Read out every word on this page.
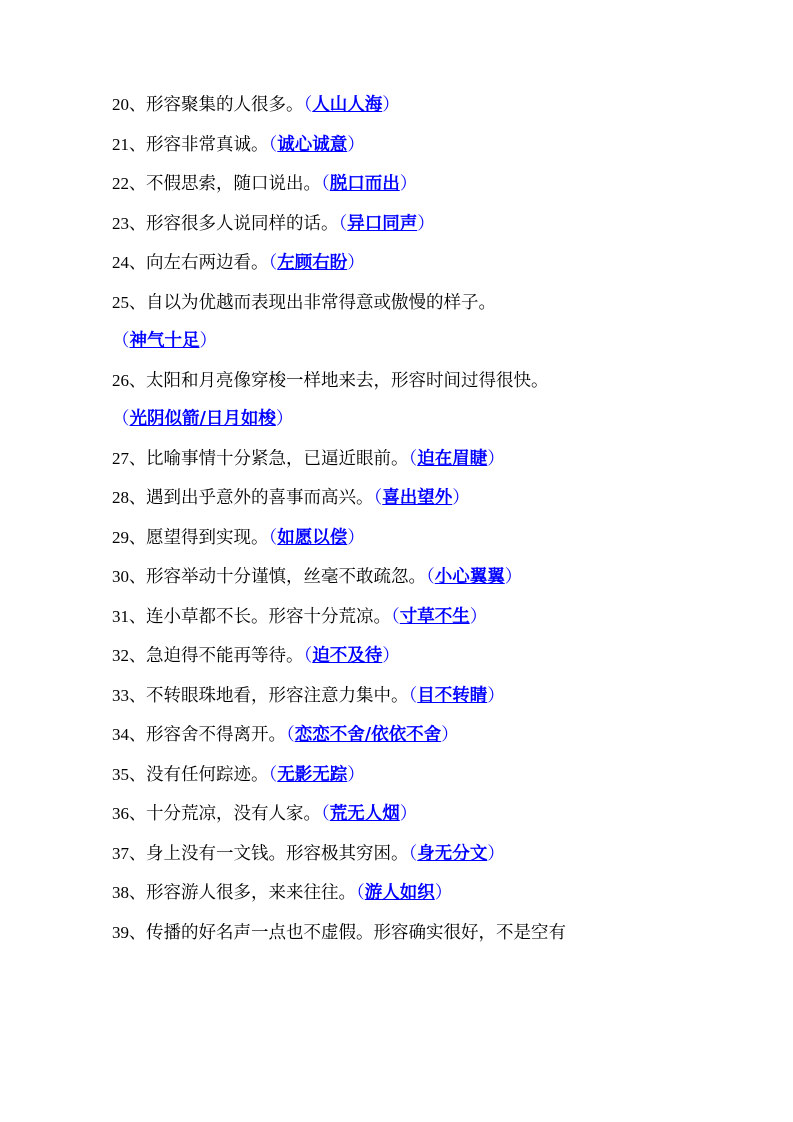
20、形容聚集的人很多。（人山人海）
21、形容非常真诚。（诚心诚意）
22、不假思索，随口说出。（脱口而出）
23、形容很多人说同样的话。（异口同声）
24、向左右两边看。（左顾右盼）
25、自以为优越而表现出非常得意或傲慢的样子。
（神气十足）
26、太阳和月亮像穿梭一样地来去，形容时间过得很快。
（光阴似箭/日月如梭）
27、比喻事情十分紧急，已逼近眼前。（迫在眉睫）
28、遇到出乎意外的喜事而高兴。（喜出望外）
29、愿望得到实现。（如愿以偿）
30、形容举动十分谨慎，丝毫不敢疏忽。（小心翼翼）
31、连小草都不长。形容十分荒凉。（寸草不生）
32、急迫得不能再等待。（迫不及待）
33、不转眼珠地看，形容注意力集中。（目不转睛）
34、形容舍不得离开。（恋恋不舍/依依不舍）
35、没有任何踪迹。（无影无踪）
36、十分荒凉，没有人家。（荒无人烟）
37、身上没有一文钱。形容极其穷困。（身无分文）
38、形容游人很多，来来往往。（游人如织）
39、传播的好名声一点也不虚假。形容确实很好，不是空有
